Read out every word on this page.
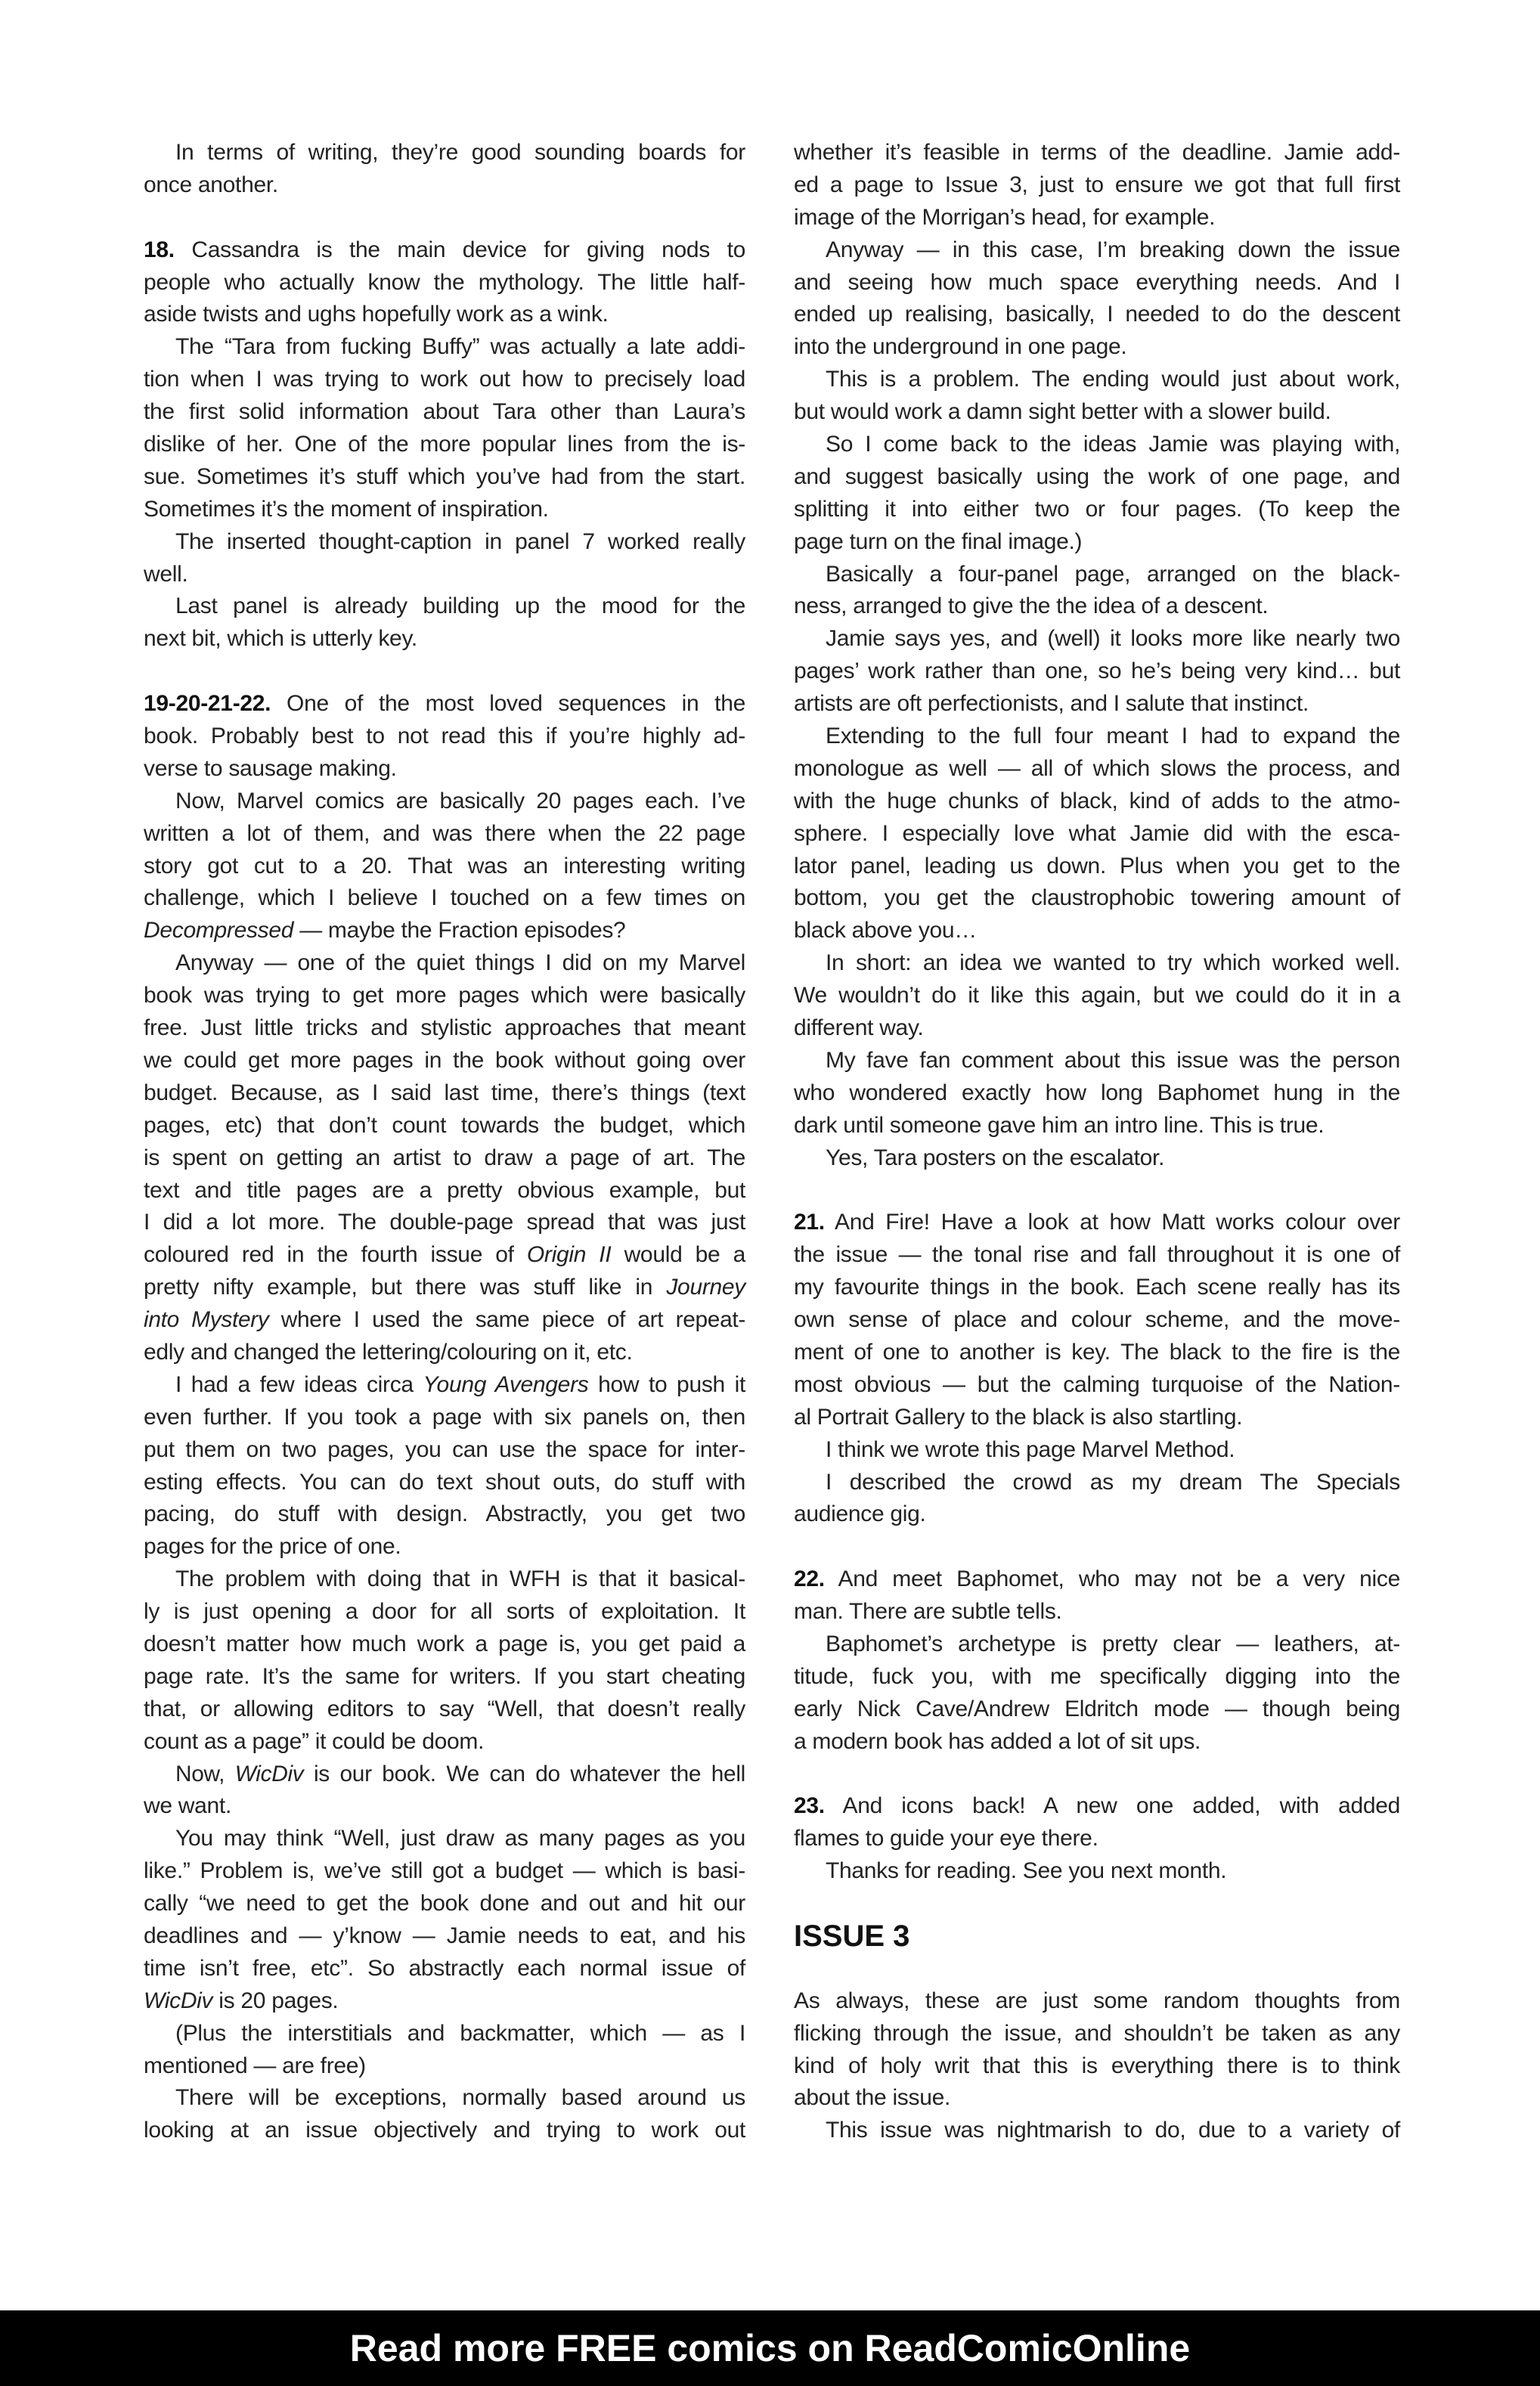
In terms of writing, they’re good sounding boards for
once another.
18. Cassandra is the main device for giving nods to
people who actually know the mythology. The little half-
aside twists and ughs hopefully work as a wink.
The “Tara from fucking Buffy” was actually a late addi-
tion when I was trying to work out how to precisely load
the first solid information about Tara other than Laura’s
dislike of her. One of the more popular lines from the is-
sue. Sometimes it’s stuff which you’ve had from the start.
Sometimes it’s the moment of inspiration.
The inserted thought-caption in panel 7 worked really
well.
Last panel is already building up the mood for the
next bit, which is utterly key.
19-20-21-22. One of the most loved sequences in the
book. Probably best to not read this if you’re highly ad-
verse to sausage making.
Now, Marvel comics are basically 20 pages each. I’ve
written a lot of them, and was there when the 22 page
story got cut to a 20. That was an interesting writing
challenge, which I believe I touched on a few times on
Decompressed — maybe the Fraction episodes?
Anyway — one of the quiet things I did on my Marvel
book was trying to get more pages which were basically
free. Just little tricks and stylistic approaches that meant
we could get more pages in the book without going over
budget. Because, as I said last time, there’s things (text
pages, etc) that don’t count towards the budget, which
is spent on getting an artist to draw a page of art. The
text and title pages are a pretty obvious example, but
I did a lot more. The double-page spread that was just
coloured red in the fourth issue of Origin II would be a
pretty nifty example, but there was stuff like in Journey
into Mystery where I used the same piece of art repeat-
edly and changed the lettering/colouring on it, etc.
I had a few ideas circa Young Avengers how to push it
even further. If you took a page with six panels on, then
put them on two pages, you can use the space for inter-
esting effects. You can do text shout outs, do stuff with
pacing, do stuff with design. Abstractly, you get two
pages for the price of one.
The problem with doing that in WFH is that it basical-
ly is just opening a door for all sorts of exploitation. It
doesn’t matter how much work a page is, you get paid a
page rate. It’s the same for writers. If you start cheating
that, or allowing editors to say “Well, that doesn’t really
count as a page” it could be doom.
Now, WicDiv is our book. We can do whatever the hell
we want.
You may think “Well, just draw as many pages as you
like.” Problem is, we’ve still got a budget — which is basi-
cally “we need to get the book done and out and hit our
deadlines and — y’know — Jamie needs to eat, and his
time isn’t free, etc”. So abstractly each normal issue of
WicDiv is 20 pages.
(Plus the interstitials and backmatter, which — as I
mentioned — are free)
There will be exceptions, normally based around us
looking at an issue objectively and trying to work out
whether it’s feasible in terms of the deadline. Jamie add-
ed a page to Issue 3, just to ensure we got that full first
image of the Morrigan’s head, for example.
Anyway — in this case, I’m breaking down the issue
and seeing how much space everything needs. And I
ended up realising, basically, I needed to do the descent
into the underground in one page.
This is a problem. The ending would just about work,
but would work a damn sight better with a slower build.
So I come back to the ideas Jamie was playing with,
and suggest basically using the work of one page, and
splitting it into either two or four pages. (To keep the
page turn on the final image.)
Basically a four-panel page, arranged on the black-
ness, arranged to give the the idea of a descent.
Jamie says yes, and (well) it looks more like nearly two
pages’ work rather than one, so he’s being very kind… but
artists are oft perfectionists, and I salute that instinct.
Extending to the full four meant I had to expand the
monologue as well — all of which slows the process, and
with the huge chunks of black, kind of adds to the atmo-
sphere. I especially love what Jamie did with the esca-
lator panel, leading us down. Plus when you get to the
bottom, you get the claustrophobic towering amount of
black above you…
In short: an idea we wanted to try which worked well.
We wouldn’t do it like this again, but we could do it in a
different way.
My fave fan comment about this issue was the person
who wondered exactly how long Baphomet hung in the
dark until someone gave him an intro line. This is true.
Yes, Tara posters on the escalator.
21. And Fire! Have a look at how Matt works colour over
the issue — the tonal rise and fall throughout it is one of
my favourite things in the book. Each scene really has its
own sense of place and colour scheme, and the move-
ment of one to another is key. The black to the fire is the
most obvious — but the calming turquoise of the Nation-
al Portrait Gallery to the black is also startling.
I think we wrote this page Marvel Method.
I described the crowd as my dream The Specials
audience gig.
22. And meet Baphomet, who may not be a very nice
man. There are subtle tells.
Baphomet’s archetype is pretty clear — leathers, at-
titude, fuck you, with me specifically digging into the
early Nick Cave/Andrew Eldritch mode — though being
a modern book has added a lot of sit ups.
23. And icons back! A new one added, with added
flames to guide your eye there.
Thanks for reading. See you next month.
ISSUE 3
As always, these are just some random thoughts from
flicking through the issue, and shouldn’t be taken as any
kind of holy writ that this is everything there is to think
about the issue.
This issue was nightmarish to do, due to a variety of
Read more FREE comics on ReadComicOnline
